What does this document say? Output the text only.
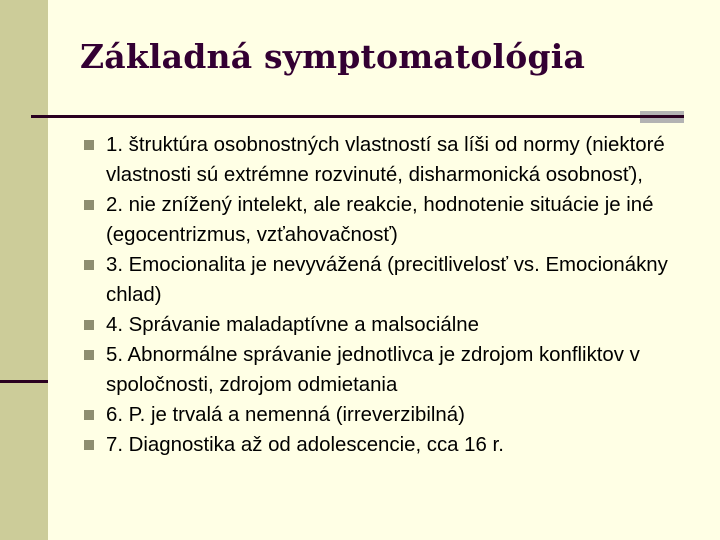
Základná symptomatológia
1. štruktúra osobnostných vlastností sa líši od normy (niektoré vlastnosti sú extrémne rozvinuté, disharmonická osobnosť),
2. nie znížený intelekt, ale reakcie, hodnotenie situácie je iné (egocentrizmus, vzťahovačnosť)
3. Emocionalita je nevyvážená (precitlivelosť vs. Emocionákny chlad)
4. Správanie maladaptívne a malsociálne
5. Abnormálne správanie jednotlivca je zdrojom konfliktov v spoločnosti, zdrojom odmietania
6. P. je trvalá a nemenná (irreverzibilná)
7. Diagnostika až od adolescencie, cca 16 r.
